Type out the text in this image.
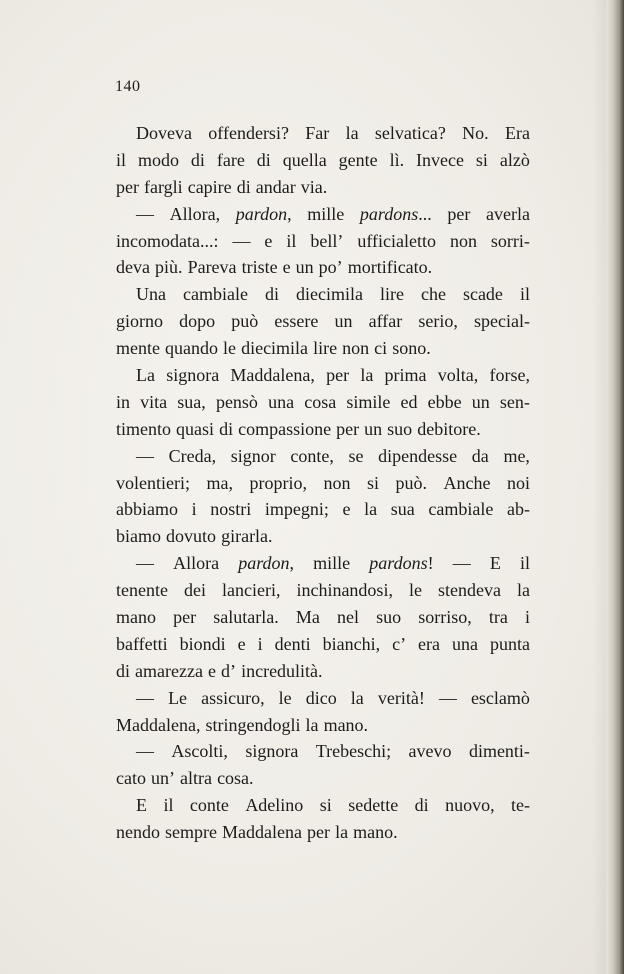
140
Doveva offendersi? Far la selvatica? No. Era
il modo di fare di quella gente lì. Invece si alzò
per fargli capire di andar via.
— Allora, pardon, mille pardons... per averla
incomodata...: — e il bell’ ufficialetto non sorri-
deva più. Pareva triste e un po’ mortificato.
Una cambiale di diecimila lire che scade il
giorno dopo può essere un affar serio, special-
mente quando le diecimila lire non ci sono.
La signora Maddalena, per la prima volta, forse,
in vita sua, pensò una cosa simile ed ebbe un sen-
timento quasi di compassione per un suo debitore.
— Creda, signor conte, se dipendesse da me,
volentieri; ma, proprio, non si può. Anche noi
abbiamo i nostri impegni; e la sua cambiale ab-
biamo dovuto girarla.
— Allora pardon, mille pardons! — E il
tenente dei lancieri, inchinandosi, le stendeva la
mano per salutarla. Ma nel suo sorriso, tra i
baffetti biondi e i denti bianchi, c’ era una punta
di amarezza e d’ incredulità.
— Le assicuro, le dico la verità! — esclamò
Maddalena, stringendogli la mano.
— Ascolti, signora Trebeschi; avevo dimenti-
cato un’ altra cosa.
E il conte Adelino si sedette di nuovo, te-
nendo sempre Maddalena per la mano.
